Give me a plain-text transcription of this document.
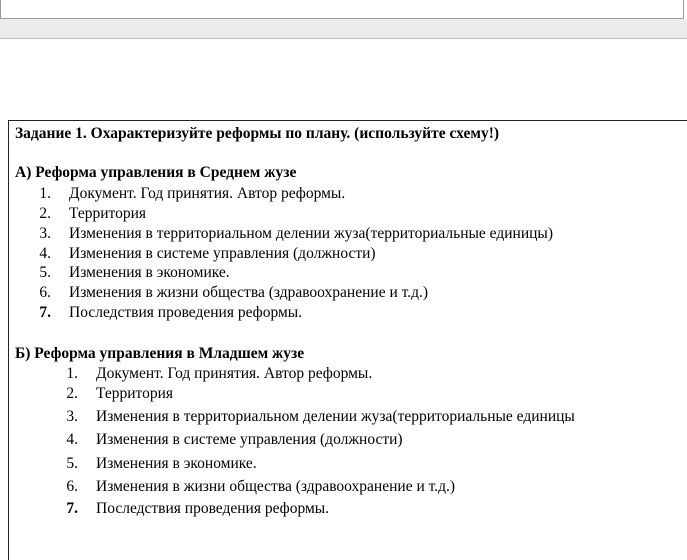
Задание 1. Охарактеризуйте реформы по плану. (используйте схему!)
А) Реформа управления в Среднем жузе
1. Документ. Год принятия. Автор реформы.
2. Территория
3. Изменения в территориальном делении жуза(территориальные единицы)
4. Изменения в системе управления (должности)
5. Изменения в экономике.
6. Изменения в жизни общества (здравоохранение и т.д.)
7. Последствия проведения реформы.
Б) Реформа управления в Младшем жузе
1. Документ. Год принятия. Автор реформы.
2. Территория
3. Изменения в территориальном делении жуза(территориальные единицы
4. Изменения в системе управления (должности)
5. Изменения в экономике.
6. Изменения в жизни общества (здравоохранение и т.д.)
7. Последствия проведения реформы.
